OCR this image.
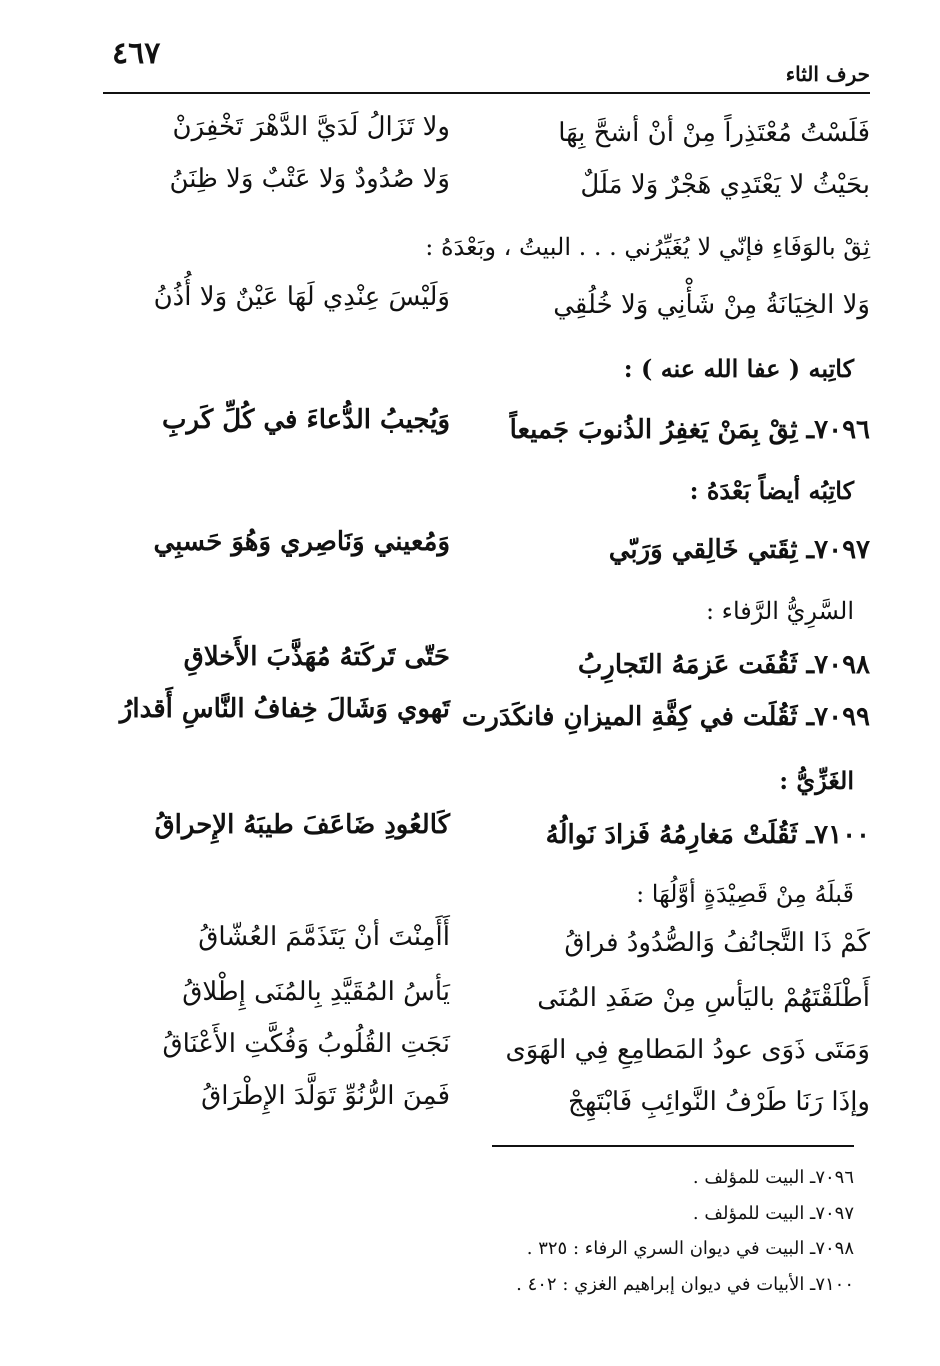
٤٦٧
حرف الثاء
فَلَسْتُ مُعْتَذِراً مِنْ أنْ أشحَّ بِهَا
ولا تَزَالُ لَدَيَّ الدَّهْرَ تَخْفِرَنْ
بحَيْثُ لا يَعْتَدِي هَجْرٌ وَلا مَلَلٌ
وَلا صُدُودٌ وَلا عَتْبٌ وَلا ظِنَنُ
ثِقْ بالوَفَاءِ فإنّي لا يُغَيِّرُني . . . البيتُ ، وبَعْدَهُ :
وَلا الخِيَانَةُ مِنْ شَأْنِي وَلا خُلُقِي
وَلَيْسَ عِنْدِي لَهَا عَيْنٌ وَلا أُذُنُ
كاتِبه ( عفا الله عنه ) :
٧٠٩٦ـ ثِقْ بِمَنْ يَغفِرُ الذُنوبَ جَميعاً
وَيُجيبُ الدُّعاءَ في كُلِّ كَربِ
كاتِبُه أيضاً بَعْدَهُ :
٧٠٩٧ـ ثِقَتي خَالِقي وَرَبّي
وَمُعيني وَنَاصِري وَهُوَ حَسبِي
السَّرِيُّ الرَّفاء :
٧٠٩٨ـ ثَقُفَت عَزمَهُ التَجارِبُ
حَتّى تَركَتهُ مُهَذَّبَ الأَخلاقِ
٧٠٩٩ـ ثَقُلَت في كِفَّةِ الميزانِ فانكَدَرت
تَهوي وَشَالَ خِفافُ النَّاسِ أَقدارُ
الغَزِّيُّ :
٧١٠٠ـ ثَقُلَتْ مَغارِمُهُ فَزادَ نَوالُهُ
كَالعُودِ ضَاعَفَ طيبَهُ الإِحراقُ
قَبلَهُ مِنْ قَصِيْدَةٍ أوَّلُهَا :
كَمْ ذَا التَّجانُفُ وَالصُّدُودُ فراقُ
أَأَمِنْتَ أنْ يَتَذَمَّمَ العُشّاقُ
أَطْلَقْتَهُمْ باليَأسِ مِنْ صَفَدِ المُنَى
يَأسُ المُقَيَّدِ بِالمُنَى إِطْلاقُ
وَمَتَى ذَوَى عودُ المَطامِعِ فِي الهَوَى
نَجَتِ القُلُوبُ وَفُكَّتِ الأَعْنَاقُ
وإذَا رَنَا طَرْفُ النَّوائِبِ فَابْتَهِجْ
فَمِنَ الرُّنُوِّ تَوَلَّدَ الإِطْرَاقُ
٧٠٩٦ـ البيت للمؤلف .
٧٠٩٧ـ البيت للمؤلف .
٧٠٩٨ـ البيت في ديوان السري الرفاء : ٣٢٥ .
٧١٠٠ـ الأبيات في ديوان إبراهيم الغزي : ٤٠٢ .
